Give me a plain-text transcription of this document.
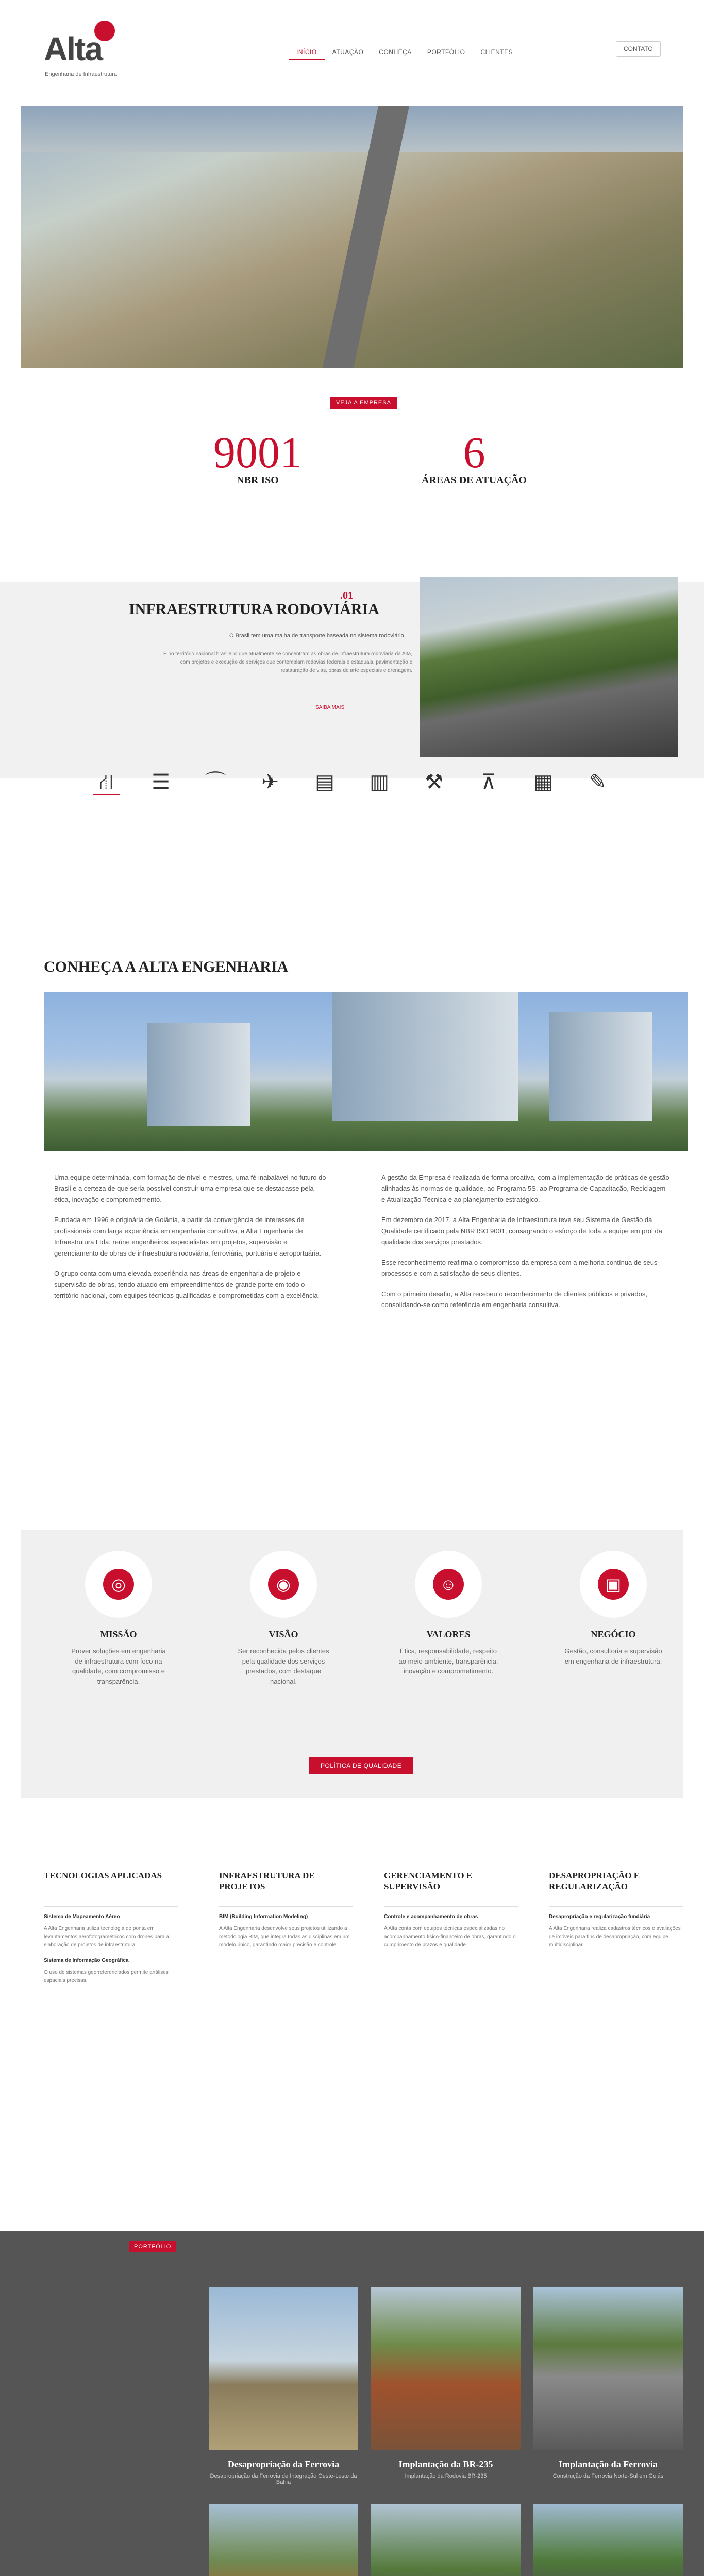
Alta
Engenharia de Infraestrutura
INÍCIO	ATUAÇÃO	CONHEÇA	PORTFÓLIO	CLIENTES	CONTATO
VEJA A EMPRESA
9001
NBR ISO
6
ÁREAS DE ATUAÇÃO
.01
INFRAESTRUTURA RODOVIÁRIA
O Brasil tem uma malha de transporte baseada no sistema rodoviário.
É no território nacional brasileiro que atualmente se concentram as obras de infraestrutura rodoviária da Alta, com projetos e execução de serviços que contemplam rodovias federais e estaduais, pavimentação e restauração de vias, obras de arte especiais e drenagem.
SAIBA MAIS
⛙ ☰ ⌒ ✈ ▤ ▥ ⚒ ⊼ ▦ ✎
CONHEÇA A ALTA ENGENHARIA

Uma equipe determinada, com formação de nível e mestres, uma fé inabalável no futuro do Brasil e a certeza de que seria possível construir uma empresa que se destacasse pela ética, inovação e comprometimento.

Fundada em 1996 e originária de Goiânia, a partir da convergência de interesses de profissionais com larga experiência em engenharia consultiva, a Alta Engenharia de Infraestrutura Ltda. reúne engenheiros especialistas em projetos, supervisão e gerenciamento de obras de infraestrutura rodoviária, ferroviária, portuária e aeroportuária.

O grupo conta com uma elevada experiência nas áreas de engenharia de projeto e supervisão de obras, tendo atuado em empreendimentos de grande porte em todo o território nacional, com equipes técnicas qualificadas e comprometidas com a excelência.

A gestão da Empresa é realizada de forma proativa, com a implementação de práticas de gestão alinhadas às normas de qualidade, ao Programa 5S, ao Programa de Capacitação, Reciclagem e Atualização Técnica e ao planejamento estratégico.

Em dezembro de 2017, a Alta Engenharia de Infraestrutura teve seu Sistema de Gestão da Qualidade certificado pela NBR ISO 9001, consagrando o esforço de toda a equipe em prol da qualidade dos serviços prestados.

Esse reconhecimento reafirma o compromisso da empresa com a melhoria contínua de seus processos e com a satisfação de seus clientes.

Com o primeiro desafio, a Alta recebeu o reconhecimento de clientes públicos e privados, consolidando-se como referência em engenharia consultiva.

◎
MISSÃO

Prover soluções em engenharia de infraestrutura com foco na qualidade, com compromisso e transparência.

◉
VISÃO

Ser reconhecida pelos clientes pela qualidade dos serviços prestados, com destaque nacional.

☺
VALORES

Ética, responsabilidade, respeito ao meio ambiente, transparência, inovação e comprometimento.

▣
NEGÓCIO

Gestão, consultoria e supervisão em engenharia de infraestrutura.

POLÍTICA DE QUALIDADE
TECNOLOGIAS APLICADAS
Sistema de Mapeamento Aéreo

A Alta Engenharia utiliza tecnologia de ponta em levantamentos aerofotogramétricos com drones para a elaboração de projetos de infraestrutura.

Sistema de Informação Geográfica

O uso de sistemas georreferenciados permite análises espaciais precisas.

INFRAESTRUTURA DE PROJETOS
BIM (Building Information Modeling)

A Alta Engenharia desenvolve seus projetos utilizando a metodologia BIM, que integra todas as disciplinas em um modelo único, garantindo maior precisão e controle.

GERENCIAMENTO E SUPERVISÃO
Controle e acompanhamento de obras

A Alta conta com equipes técnicas especializadas no acompanhamento físico-financeiro de obras, garantindo o cumprimento de prazos e qualidade.

DESAPROPRIAÇÃO E REGULARIZAÇÃO
Desapropriação e regularização fundiária

A Alta Engenharia realiza cadastros técnicos e avaliações de imóveis para fins de desapropriação, com equipe multidisciplinar.

PORTFÓLIO
Desapropriação da Ferrovia

Desapropriação da Ferrovia de Integração Oeste-Leste da Bahia

Implantação da BR-235

Implantação da Rodovia BR-235

Implantação da Ferrovia

Construção da Ferrovia Norte-Sul em Goiás
